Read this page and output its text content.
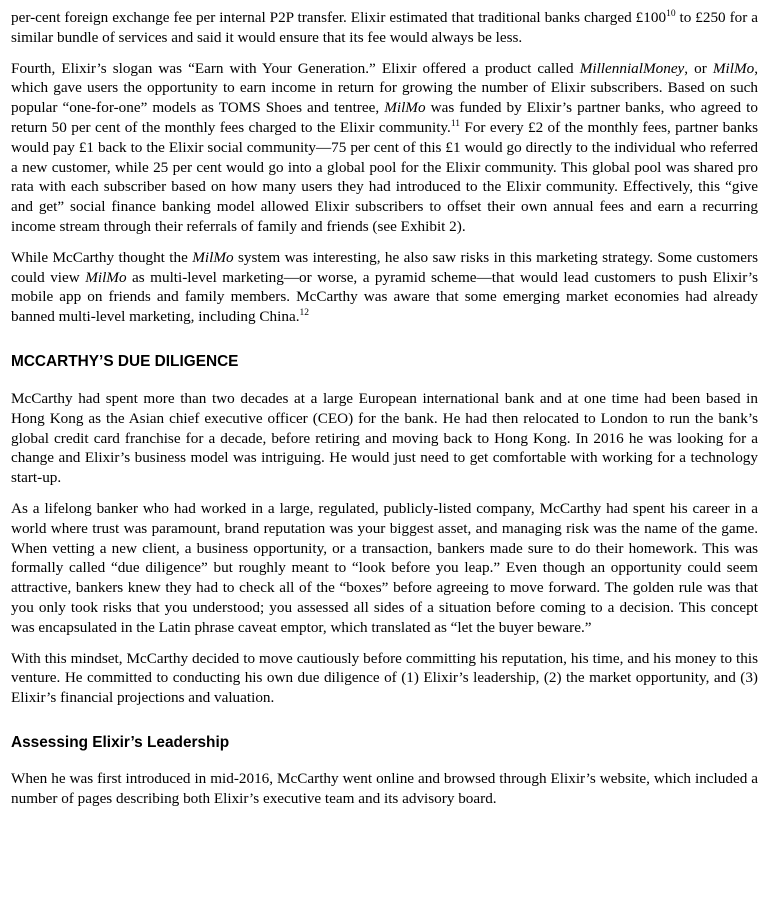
per-cent foreign exchange fee per internal P2P transfer. Elixir estimated that traditional banks charged $£100^{10}$ to £250 for a similar bundle of services and said it would ensure that its fee would always be less.

Fourth, Elixir’s slogan was “Earn with Your Generation.” Elixir offered a product called MillennialMoney, or MilMo, which gave users the opportunity to earn income in return for growing the number of Elixir subscribers. Based on such popular “one-for-one” models as TOMS Shoes and tentree, MilMo was funded by Elixir’s partner banks, who agreed to return 50 per cent of the monthly fees charged to the Elixir community.$^{11}$ For every £2 of the monthly fees, partner banks would pay £1 back to the Elixir social community—75 per cent of this £1 would go directly to the individual who referred a new customer, while 25 per cent would go into a global pool for the Elixir community. This global pool was shared pro rata with each subscriber based on how many users they had introduced to the Elixir community. Effectively, this “give and get” social finance banking model allowed Elixir subscribers to offset their own annual fees and earn a recurring income stream through their referrals of family and friends (see Exhibit 2).

While McCarthy thought the MilMo system was interesting, he also saw risks in this marketing strategy. Some customers could view MilMo as multi-level marketing—or worse, a pyramid scheme—that would lead customers to push Elixir’s mobile app on friends and family members. McCarthy was aware that some emerging market economies had already banned multi-level marketing, including China.$^{12}$

MCCARTHY’S DUE DILIGENCE

McCarthy had spent more than two decades at a large European international bank and at one time had been based in Hong Kong as the Asian chief executive officer (CEO) for the bank. He had then relocated to London to run the bank’s global credit card franchise for a decade, before retiring and moving back to Hong Kong. In 2016 he was looking for a change and Elixir’s business model was intriguing. He would just need to get comfortable with working for a technology start-up.

As a lifelong banker who had worked in a large, regulated, publicly-listed company, McCarthy had spent his career in a world where trust was paramount, brand reputation was your biggest asset, and managing risk was the name of the game. When vetting a new client, a business opportunity, or a transaction, bankers made sure to do their homework. This was formally called “due diligence” but roughly meant to “look before you leap.” Even though an opportunity could seem attractive, bankers knew they had to check all of the “boxes” before agreeing to move forward. The golden rule was that you only took risks that you understood; you assessed all sides of a situation before coming to a decision. This concept was encapsulated in the Latin phrase caveat emptor, which translated as “let the buyer beware.”

With this mindset, McCarthy decided to move cautiously before committing his reputation, his time, and his money to this venture. He committed to conducting his own due diligence of (1) Elixir’s leadership, (2) the market opportunity, and (3) Elixir’s financial projections and valuation.

Assessing Elixir’s Leadership

When he was first introduced in mid-2016, McCarthy went online and browsed through Elixir’s website, which included a number of pages describing both Elixir’s executive team and its advisory board.
